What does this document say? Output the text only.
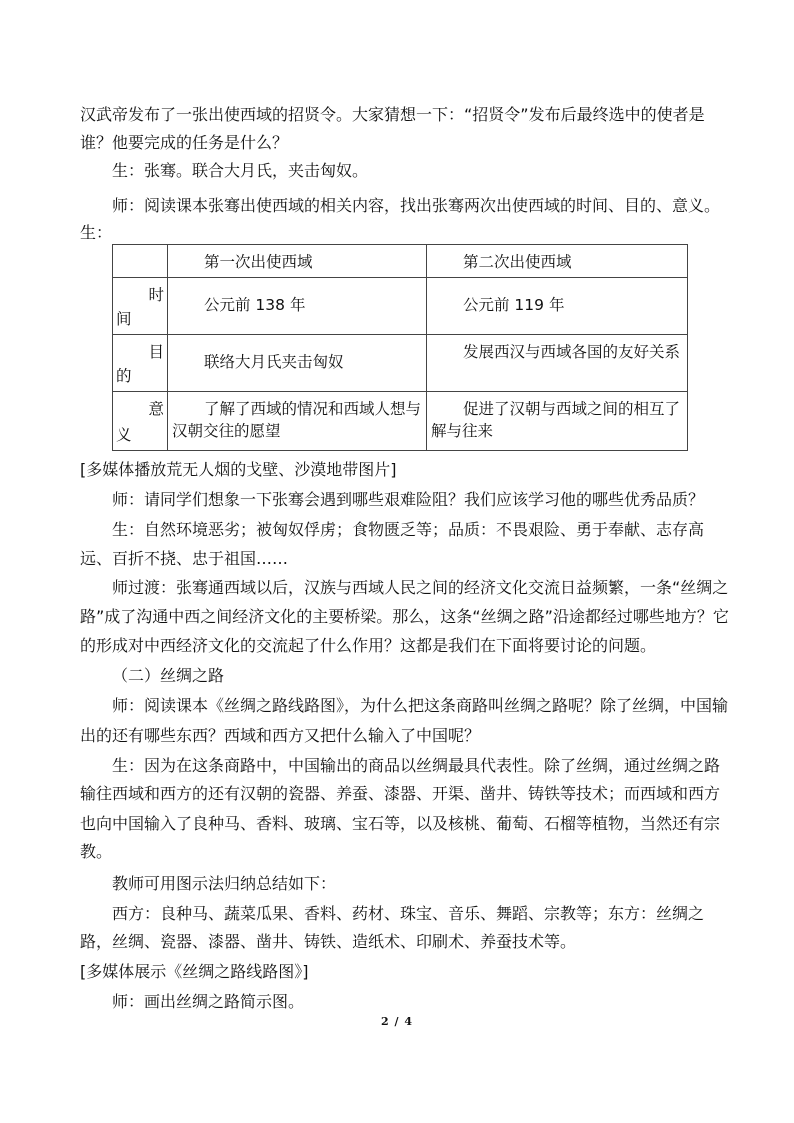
汉武帝发布了一张出使西域的招贤令。大家猜想一下：“招贤令”发布后最终选中的使者是
谁？他要完成的任务是什么？
生：张骞。联合大月氏，夹击匈奴。
师：阅读课本张骞出使西域的相关内容，找出张骞两次出使西域的时间、目的、意义。
生：

	第一次出使西域	第二次出使西域

时
间	公元前 138 年	公元前 119 年

目
的	联络大月氏夹击匈奴	发展西汉与西域各国的友好关系

意
义	了解了西域的情况和西域人想与汉朝交往的愿望	促进了汉朝与西域之间的相互了解与往来
[多媒体播放荒无人烟的戈壁、沙漠地带图片]
师：请同学们想象一下张骞会遇到哪些艰难险阻？我们应该学习他的哪些优秀品质？
生：自然环境恶劣；被匈奴俘虏；食物匮乏等；品质：不畏艰险、勇于奉献、志存高
远、百折不挠、忠于祖国……
师过渡：张骞通西域以后，汉族与西域人民之间的经济文化交流日益频繁，一条“丝绸之
路”成了沟通中西之间经济文化的主要桥梁。那么，这条“丝绸之路”沿途都经过哪些地方？它
的形成对中西经济文化的交流起了什么作用？这都是我们在下面将要讨论的问题。
（二）丝绸之路
师：阅读课本《丝绸之路线路图》，为什么把这条商路叫丝绸之路呢？除了丝绸，中国输
出的还有哪些东西？西域和西方又把什么输入了中国呢？
生：因为在这条商路中，中国输出的商品以丝绸最具代表性。除了丝绸，通过丝绸之路
输往西域和西方的还有汉朝的瓷器、养蚕、漆器、开渠、凿井、铸铁等技术；而西域和西方
也向中国输入了良种马、香料、玻璃、宝石等，以及核桃、葡萄、石榴等植物，当然还有宗
教。
教师可用图示法归纳总结如下：
西方：良种马、蔬菜瓜果、香料、药材、珠宝、音乐、舞蹈、宗教等；东方：丝绸之
路，丝绸、瓷器、漆器、凿井、铸铁、造纸术、印刷术、养蚕技术等。
[多媒体展示《丝绸之路线路图》]
师：画出丝绸之路简示图。
2 / 4
